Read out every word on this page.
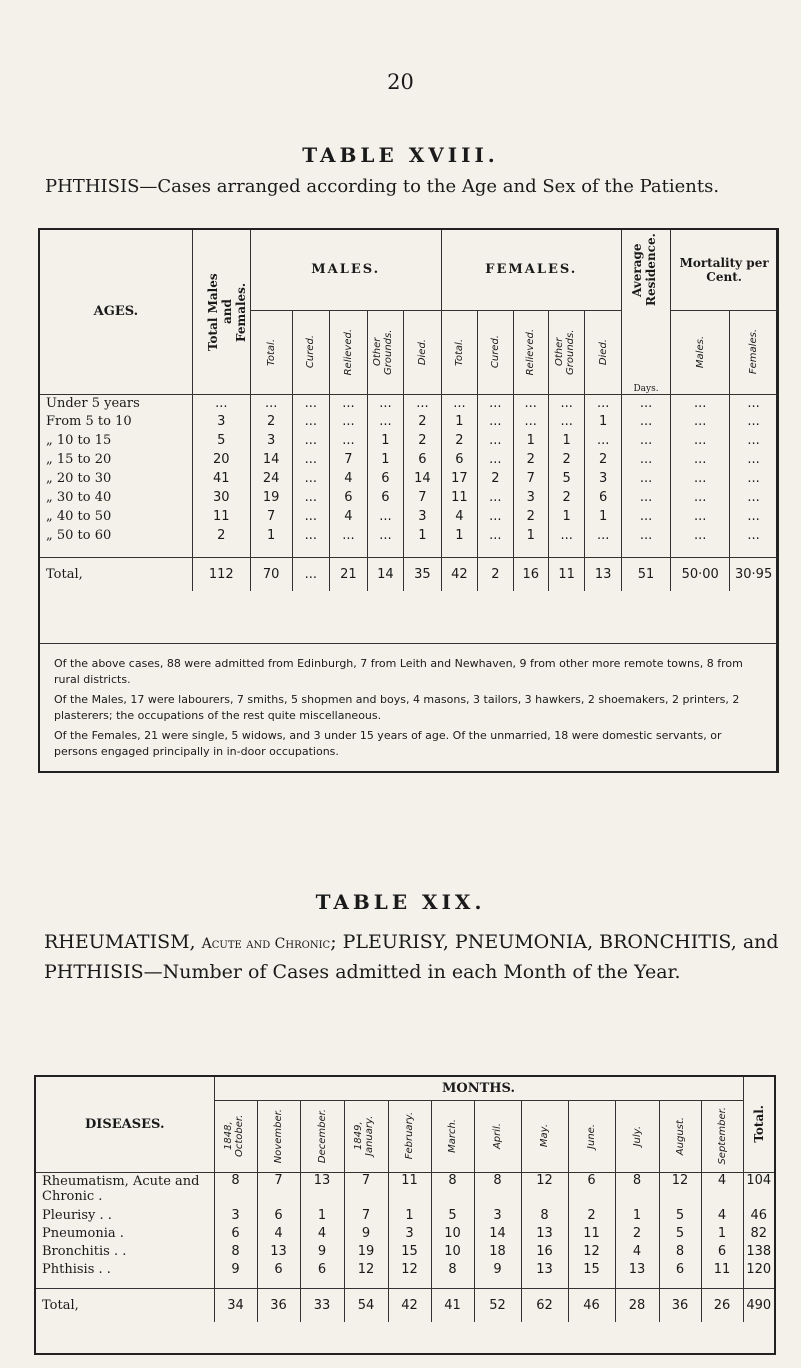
20
TABLE XVIII.
PHTHISIS—Cases arranged according to the Age and Sex of the Patients.
AGES.	Total Males and Females.	MALES.					FEMALES.					Average Residence.	Mortality per Cent.	

		Total.	Cured.	Relieved.	Other Grounds.	Died.	Total.	Cured.	Relieved.	Other Grounds.	Died.	Days.	Males.	Females.

Under 5 years	...	...	...	...	...	...	...	...	...	...	...	...	...	...
From 5 to 10	3	2	...	...	...	2	1	...	...	...	1	...	...	...
„ 10 to 15	5	3	...	...	1	2	2	...	1	1	...	...	...	...
„ 15 to 20	20	14	...	7	1	6	6	...	2	2	2	...	...	...
„ 20 to 30	41	24	...	4	6	14	17	2	7	5	3	...	...	...
„ 30 to 40	30	19	...	6	6	7	11	...	3	2	6	...	...	...
„ 40 to 50	11	7	...	4	...	3	4	...	2	1	1	...	...	...
„ 50 to 60	2	1	...	...	...	1	1	...	1	...	...	...	...	...

Total,	112	70	...	21	14	35	42	2	16	11	13	51	50·00	30·95

Of the above cases, 88 were admitted from Edinburgh, 7 from Leith and Newhaven, 9 from other more remote towns, 8 from rural districts.

Of the Males, 17 were labourers, 7 smiths, 5 shopmen and boys, 4 masons, 3 tailors, 3 hawkers, 2 shoemakers, 2 printers, 2 plasterers; the occupations of the rest quite miscellaneous.

Of the Females, 21 were single, 5 widows, and 3 under 15 years of age. Of the unmarried, 18 were domestic servants, or persons engaged principally in in-door occupations.

TABLE XIX.
RHEUMATISM, Acute and Chronic; PLEURISY, PNEUMONIA, BRONCHITIS, and PHTHISIS—Number of Cases admitted in each Month of the Year.
DISEASES.	MONTHS.												Total.

	1848, October.	November.	December.	1849, January.	February.	March.	April.	May.	June.	July.	August.	September.	

Rheumatism, Acute and Chronic .	8	7	13	7	11	8	8	12	6	8	12	4	104
Pleurisy . .	3	6	1	7	1	5	3	8	2	1	5	4	46
Pneumonia .	6	4	4	9	3	10	14	13	11	2	5	1	82
Bronchitis . .	8	13	9	19	15	10	18	16	12	4	8	6	138
Phthisis . .	9	6	6	12	12	8	9	13	15	13	6	11	120

Total,	34	36	33	54	42	41	52	62	46	28	36	26	490
